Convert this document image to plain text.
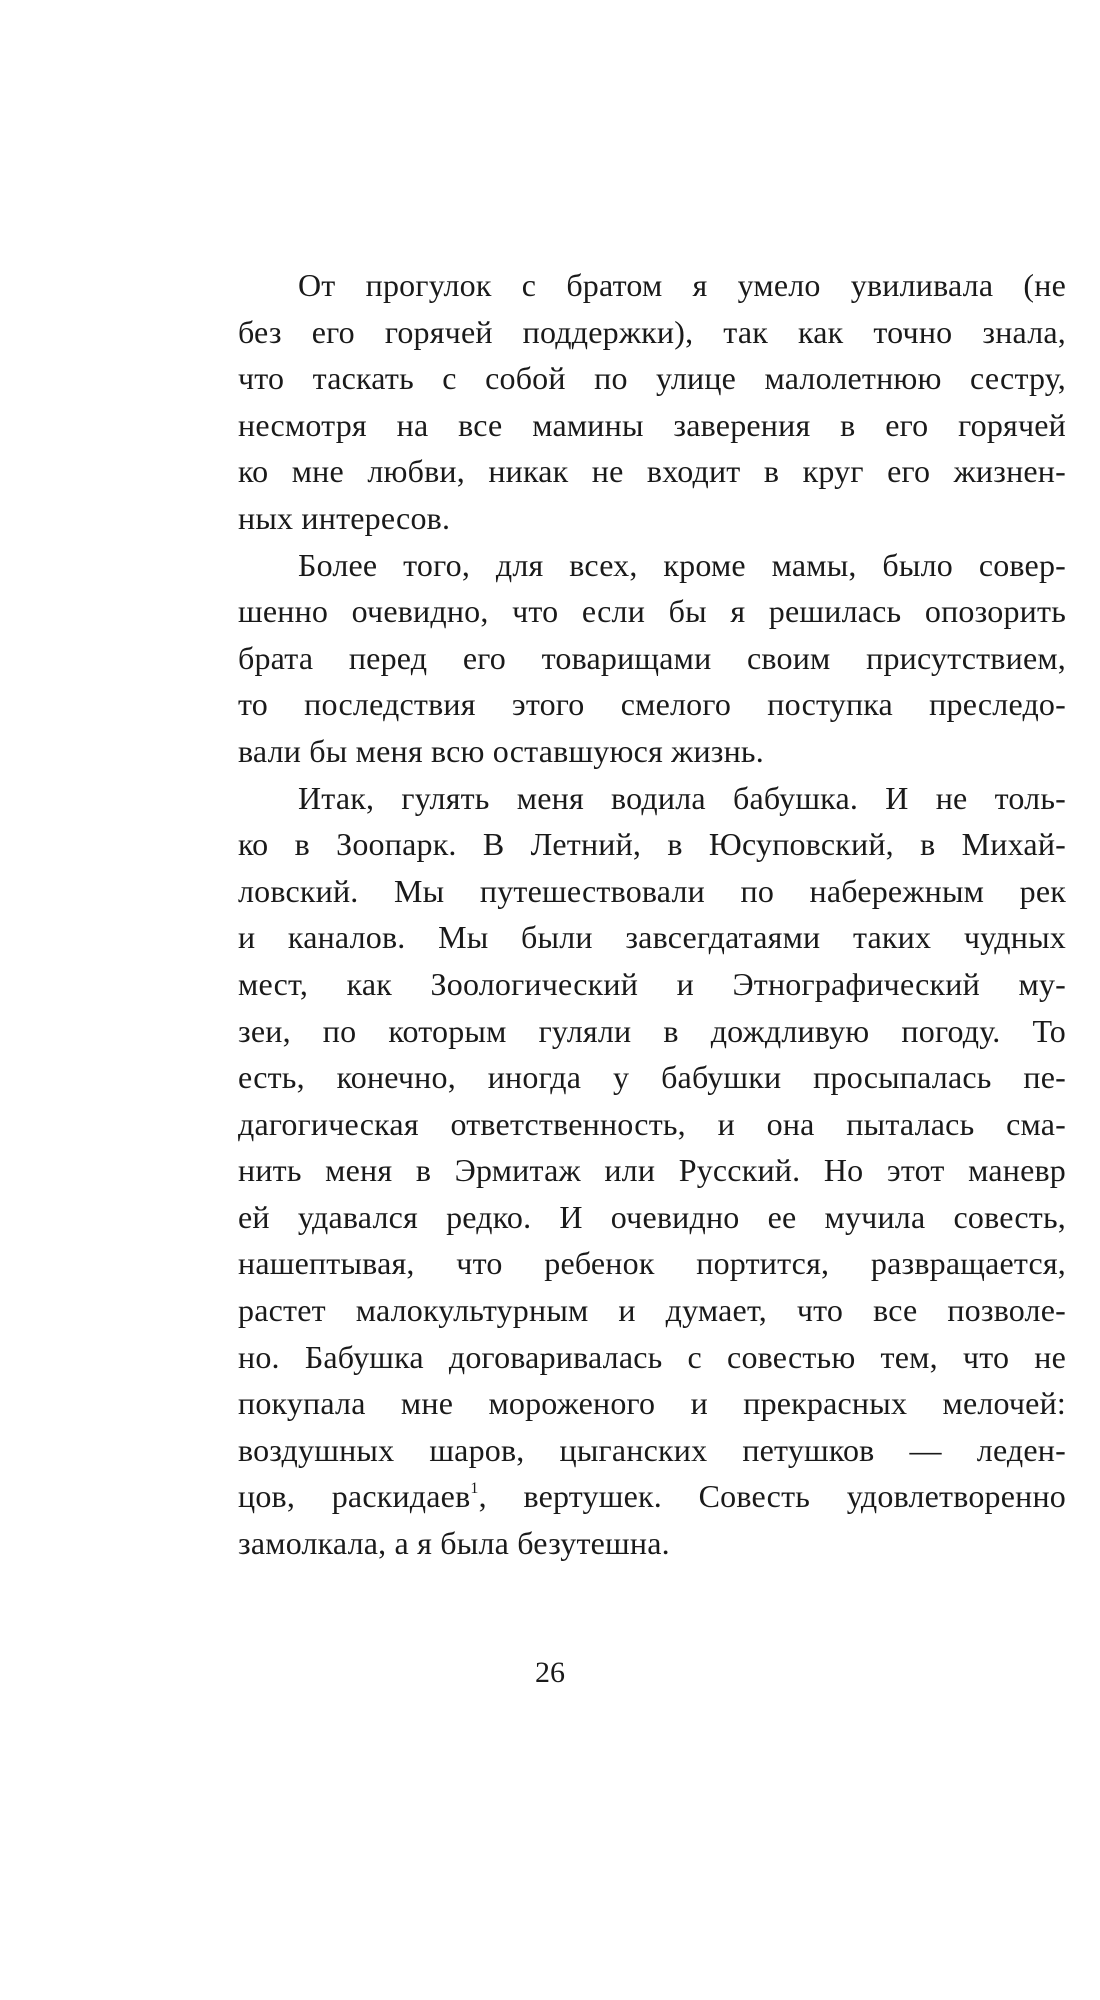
От прогулок с братом я умело увиливала (не
без его горячей поддержки), так как точно знала,
что таскать с собой по улице малолетнюю сестру,
несмотря на все мамины заверения в его горячей
ко мне любви, никак не входит в круг его жизнен-
ных интересов.
Более того, для всех, кроме мамы, было совер-
шенно очевидно, что если бы я решилась опозорить
брата перед его товарищами своим присутствием,
то последствия этого смелого поступка преследо-
вали бы меня всю оставшуюся жизнь.
Итак, гулять меня водила бабушка. И не толь-
ко в Зоопарк. В Летний, в Юсуповский, в Михай-
ловский. Мы путешествовали по набережным рек
и каналов. Мы были завсегдатаями таких чудных
мест, как Зоологический и Этнографический му-
зеи, по которым гуляли в дождливую погоду. То
есть, конечно, иногда у бабушки просыпалась пе-
дагогическая ответственность, и она пыталась сма-
нить меня в Эрмитаж или Русский. Но этот маневр
ей удавался редко. И очевидно ее мучила совесть,
нашептывая, что ребенок портится, развращается,
растет малокультурным и думает, что все позволе-
но. Бабушка договаривалась с совестью тем, что не
покупала мне мороженого и прекрасных мелочей:
воздушных шаров, цыганских петушков — леден-
цов, раскидаев$^1$, вертушек. Совесть удовлетворенно
замолкала, а я была безутешна.
26
